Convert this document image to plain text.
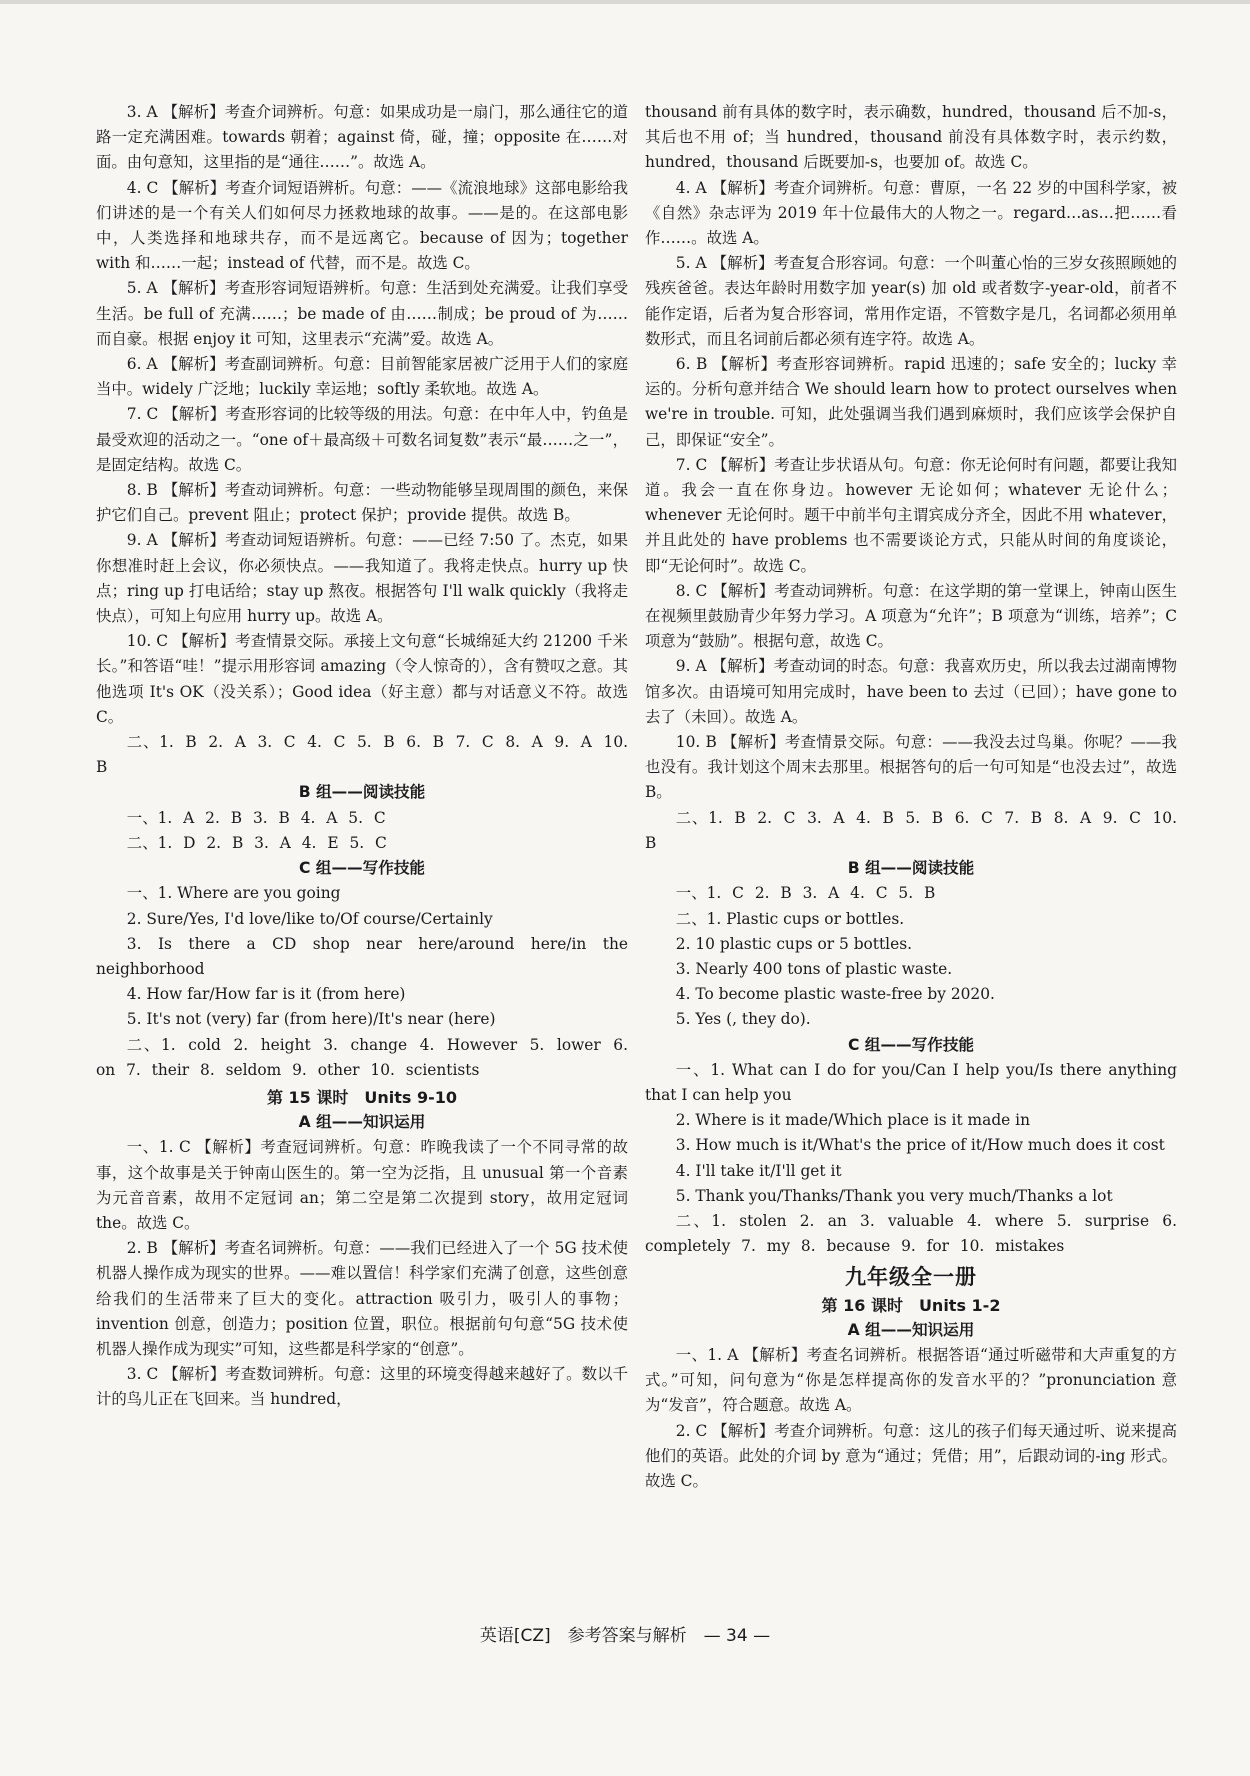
3. A 【解析】考查介词辨析。句意：如果成功是一扇门，那么通往它的道路一定充满困难。towards 朝着；against 倚，碰，撞；opposite 在……对面。由句意知，这里指的是“通往……”。故选 A。
4. C 【解析】考查介词短语辨析。句意：——《流浪地球》这部电影给我们讲述的是一个有关人们如何尽力拯救地球的故事。——是的。在这部电影中，人类选择和地球共存，而不是远离它。because of 因为；together with 和……一起；instead of 代替，而不是。故选 C。
5. A 【解析】考查形容词短语辨析。句意：生活到处充满爱。让我们享受生活。be full of 充满……；be made of 由……制成；be proud of 为……而自豪。根据 enjoy it 可知，这里表示“充满”爱。故选 A。
6. A 【解析】考查副词辨析。句意：目前智能家居被广泛用于人们的家庭当中。widely 广泛地；luckily 幸运地；softly 柔软地。故选 A。
7. C 【解析】考查形容词的比较等级的用法。句意：在中年人中，钓鱼是最受欢迎的活动之一。“one of＋最高级＋可数名词复数”表示“最……之一”，是固定结构。故选 C。
8. B 【解析】考查动词辨析。句意：一些动物能够呈现周围的颜色，来保护它们自己。prevent 阻止；protect 保护；provide 提供。故选 B。
9. A 【解析】考查动词短语辨析。句意：——已经 7:50 了。杰克，如果你想准时赶上会议，你必须快点。——我知道了。我将走快点。hurry up 快点；ring up 打电话给；stay up 熬夜。根据答句 I'll walk quickly（我将走快点），可知上句应用 hurry up。故选 A。
10. C 【解析】考查情景交际。承接上文句意“长城绵延大约 21200 千米长。”和答语“哇！”提示用形容词 amazing（令人惊奇的），含有赞叹之意。其他选项 It's OK（没关系）；Good idea（好主意）都与对话意义不符。故选 C。
二、1. B 2. A 3. C 4. C 5. B 6. B 7. C 8. A 9. A 10. B
B 组——阅读技能
一、1. A 2. B 3. B 4. A 5. C
二、1. D 2. B 3. A 4. E 5. C
C 组——写作技能
一、1. Where are you going
2. Sure/Yes, I'd love/like to/Of course/Certainly
3. Is there a CD shop near here/around here/in the neighborhood
4. How far/How far is it (from here)
5. It's not (very) far (from here)/It's near (here)
二、1. cold 2. height 3. change 4. However 5. lower 6. on 7. their 8. seldom 9. other 10. scientists
第 15 课时　Units 9-10
A 组——知识运用
一、1. C 【解析】考查冠词辨析。句意：昨晚我读了一个不同寻常的故事，这个故事是关于钟南山医生的。第一空为泛指，且 unusual 第一个音素为元音音素，故用不定冠词 an；第二空是第二次提到 story，故用定冠词 the。故选 C。
2. B 【解析】考查名词辨析。句意：——我们已经进入了一个 5G 技术使机器人操作成为现实的世界。——难以置信！科学家们充满了创意，这些创意给我们的生活带来了巨大的变化。attraction 吸引力，吸引人的事物；invention 创意，创造力；position 位置，职位。根据前句句意“5G 技术使机器人操作成为现实”可知，这些都是科学家的“创意”。
3. C 【解析】考查数词辨析。句意：这里的环境变得越来越好了。数以千计的鸟儿正在飞回来。当 hundred，
thousand 前有具体的数字时，表示确数，hundred，thousand 后不加-s，其后也不用 of；当 hundred，thousand 前没有具体数字时，表示约数，hundred，thousand 后既要加-s，也要加 of。故选 C。
4. A 【解析】考查介词辨析。句意：曹原，一名 22 岁的中国科学家，被《自然》杂志评为 2019 年十位最伟大的人物之一。regard…as…把……看作……。故选 A。
5. A 【解析】考查复合形容词。句意：一个叫董心怡的三岁女孩照顾她的残疾爸爸。表达年龄时用数字加 year(s) 加 old 或者数字-year-old，前者不能作定语，后者为复合形容词，常用作定语，不管数字是几，名词都必须用单数形式，而且名词前后都必须有连字符。故选 A。
6. B 【解析】考查形容词辨析。rapid 迅速的；safe 安全的；lucky 幸运的。分析句意并结合 We should learn how to protect ourselves when we're in trouble. 可知，此处强调当我们遇到麻烦时，我们应该学会保护自己，即保证“安全”。
7. C 【解析】考查让步状语从句。句意：你无论何时有问题，都要让我知道。我会一直在你身边。however 无论如何；whatever 无论什么；whenever 无论何时。题干中前半句主谓宾成分齐全，因此不用 whatever，并且此处的 have problems 也不需要谈论方式，只能从时间的角度谈论，即“无论何时”。故选 C。
8. C 【解析】考查动词辨析。句意：在这学期的第一堂课上，钟南山医生在视频里鼓励青少年努力学习。A 项意为“允许”；B 项意为“训练，培养”；C 项意为“鼓励”。根据句意，故选 C。
9. A 【解析】考查动词的时态。句意：我喜欢历史，所以我去过湖南博物馆多次。由语境可知用完成时，have been to 去过（已回）；have gone to 去了（未回）。故选 A。
10. B 【解析】考查情景交际。句意：——我没去过鸟巢。你呢？——我也没有。我计划这个周末去那里。根据答句的后一句可知是“也没去过”，故选 B。
二、1. B 2. C 3. A 4. B 5. B 6. C 7. B 8. A 9. C 10. B
B 组——阅读技能
一、1. C 2. B 3. A 4. C 5. B
二、1. Plastic cups or bottles.
2. 10 plastic cups or 5 bottles.
3. Nearly 400 tons of plastic waste.
4. To become plastic waste-free by 2020.
5. Yes (, they do).
C 组——写作技能
一、1. What can I do for you/Can I help you/Is there anything that I can help you
2. Where is it made/Which place is it made in
3. How much is it/What's the price of it/How much does it cost
4. I'll take it/I'll get it
5. Thank you/Thanks/Thank you very much/Thanks a lot
二、1. stolen 2. an 3. valuable 4. where 5. surprise 6. completely 7. my 8. because 9. for 10. mistakes
九年级全一册
第 16 课时　Units 1-2
A 组——知识运用
一、1. A 【解析】考查名词辨析。根据答语“通过听磁带和大声重复的方式。”可知，问句意为“你是怎样提高你的发音水平的？”pronunciation 意为“发音”，符合题意。故选 A。
2. C 【解析】考查介词辨析。句意：这儿的孩子们每天通过听、说来提高他们的英语。此处的介词 by 意为“通过；凭借；用”，后跟动词的-ing 形式。故选 C。
英语[CZ]　参考答案与解析　— 34 —
